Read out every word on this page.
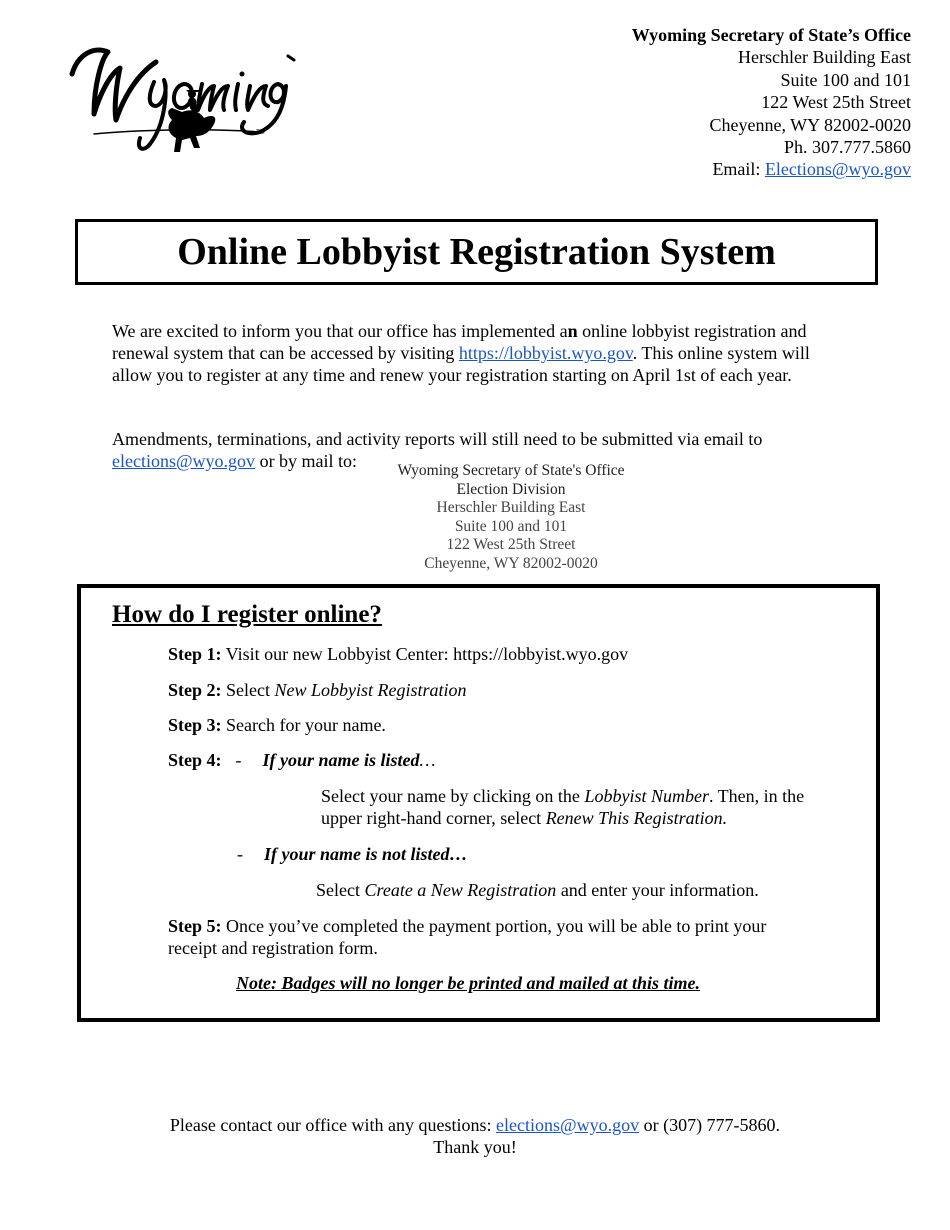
TM
Wyoming Secretary of State’s Office
Herschler Building East
Suite 100 and 101
122 West 25th Street
Cheyenne, WY 82002-0020
Ph. 307.777.5860
Email: Elections@wyo.gov
Online Lobbyist Registration System
We are excited to inform you that our office has implemented an online lobbyist registration and renewal system that can be accessed by visiting https://lobbyist.wyo.gov. This online system will allow you to register at any time and renew your registration starting on April 1st of each year.
Amendments, terminations, and activity reports will still need to be submitted via email to elections@wyo.gov or by mail to:	Wyoming Secretary of State's Office
Election Division
Herschler Building East
Suite 100 and 101
122 West 25th Street
Cheyenne, WY 82002-0020
How do I register online?
Step 1: Visit our new Lobbyist Center: https://lobbyist.wyo.gov
Step 2: Select New Lobbyist Registration
Step 3: Search for your name.
Step 4: - If your name is listed…
Select your name by clicking on the Lobbyist Number. Then, in the upper right-hand corner, select Renew This Registration.
- If your name is not listed…
Select Create a New Registration and enter your information.
Step 5: Once you’ve completed the payment portion, you will be able to print your receipt and registration form.
Note: Badges will no longer be printed and mailed at this time.
Please contact our office with any questions: elections@wyo.gov or (307) 777-5860.
Thank you!
